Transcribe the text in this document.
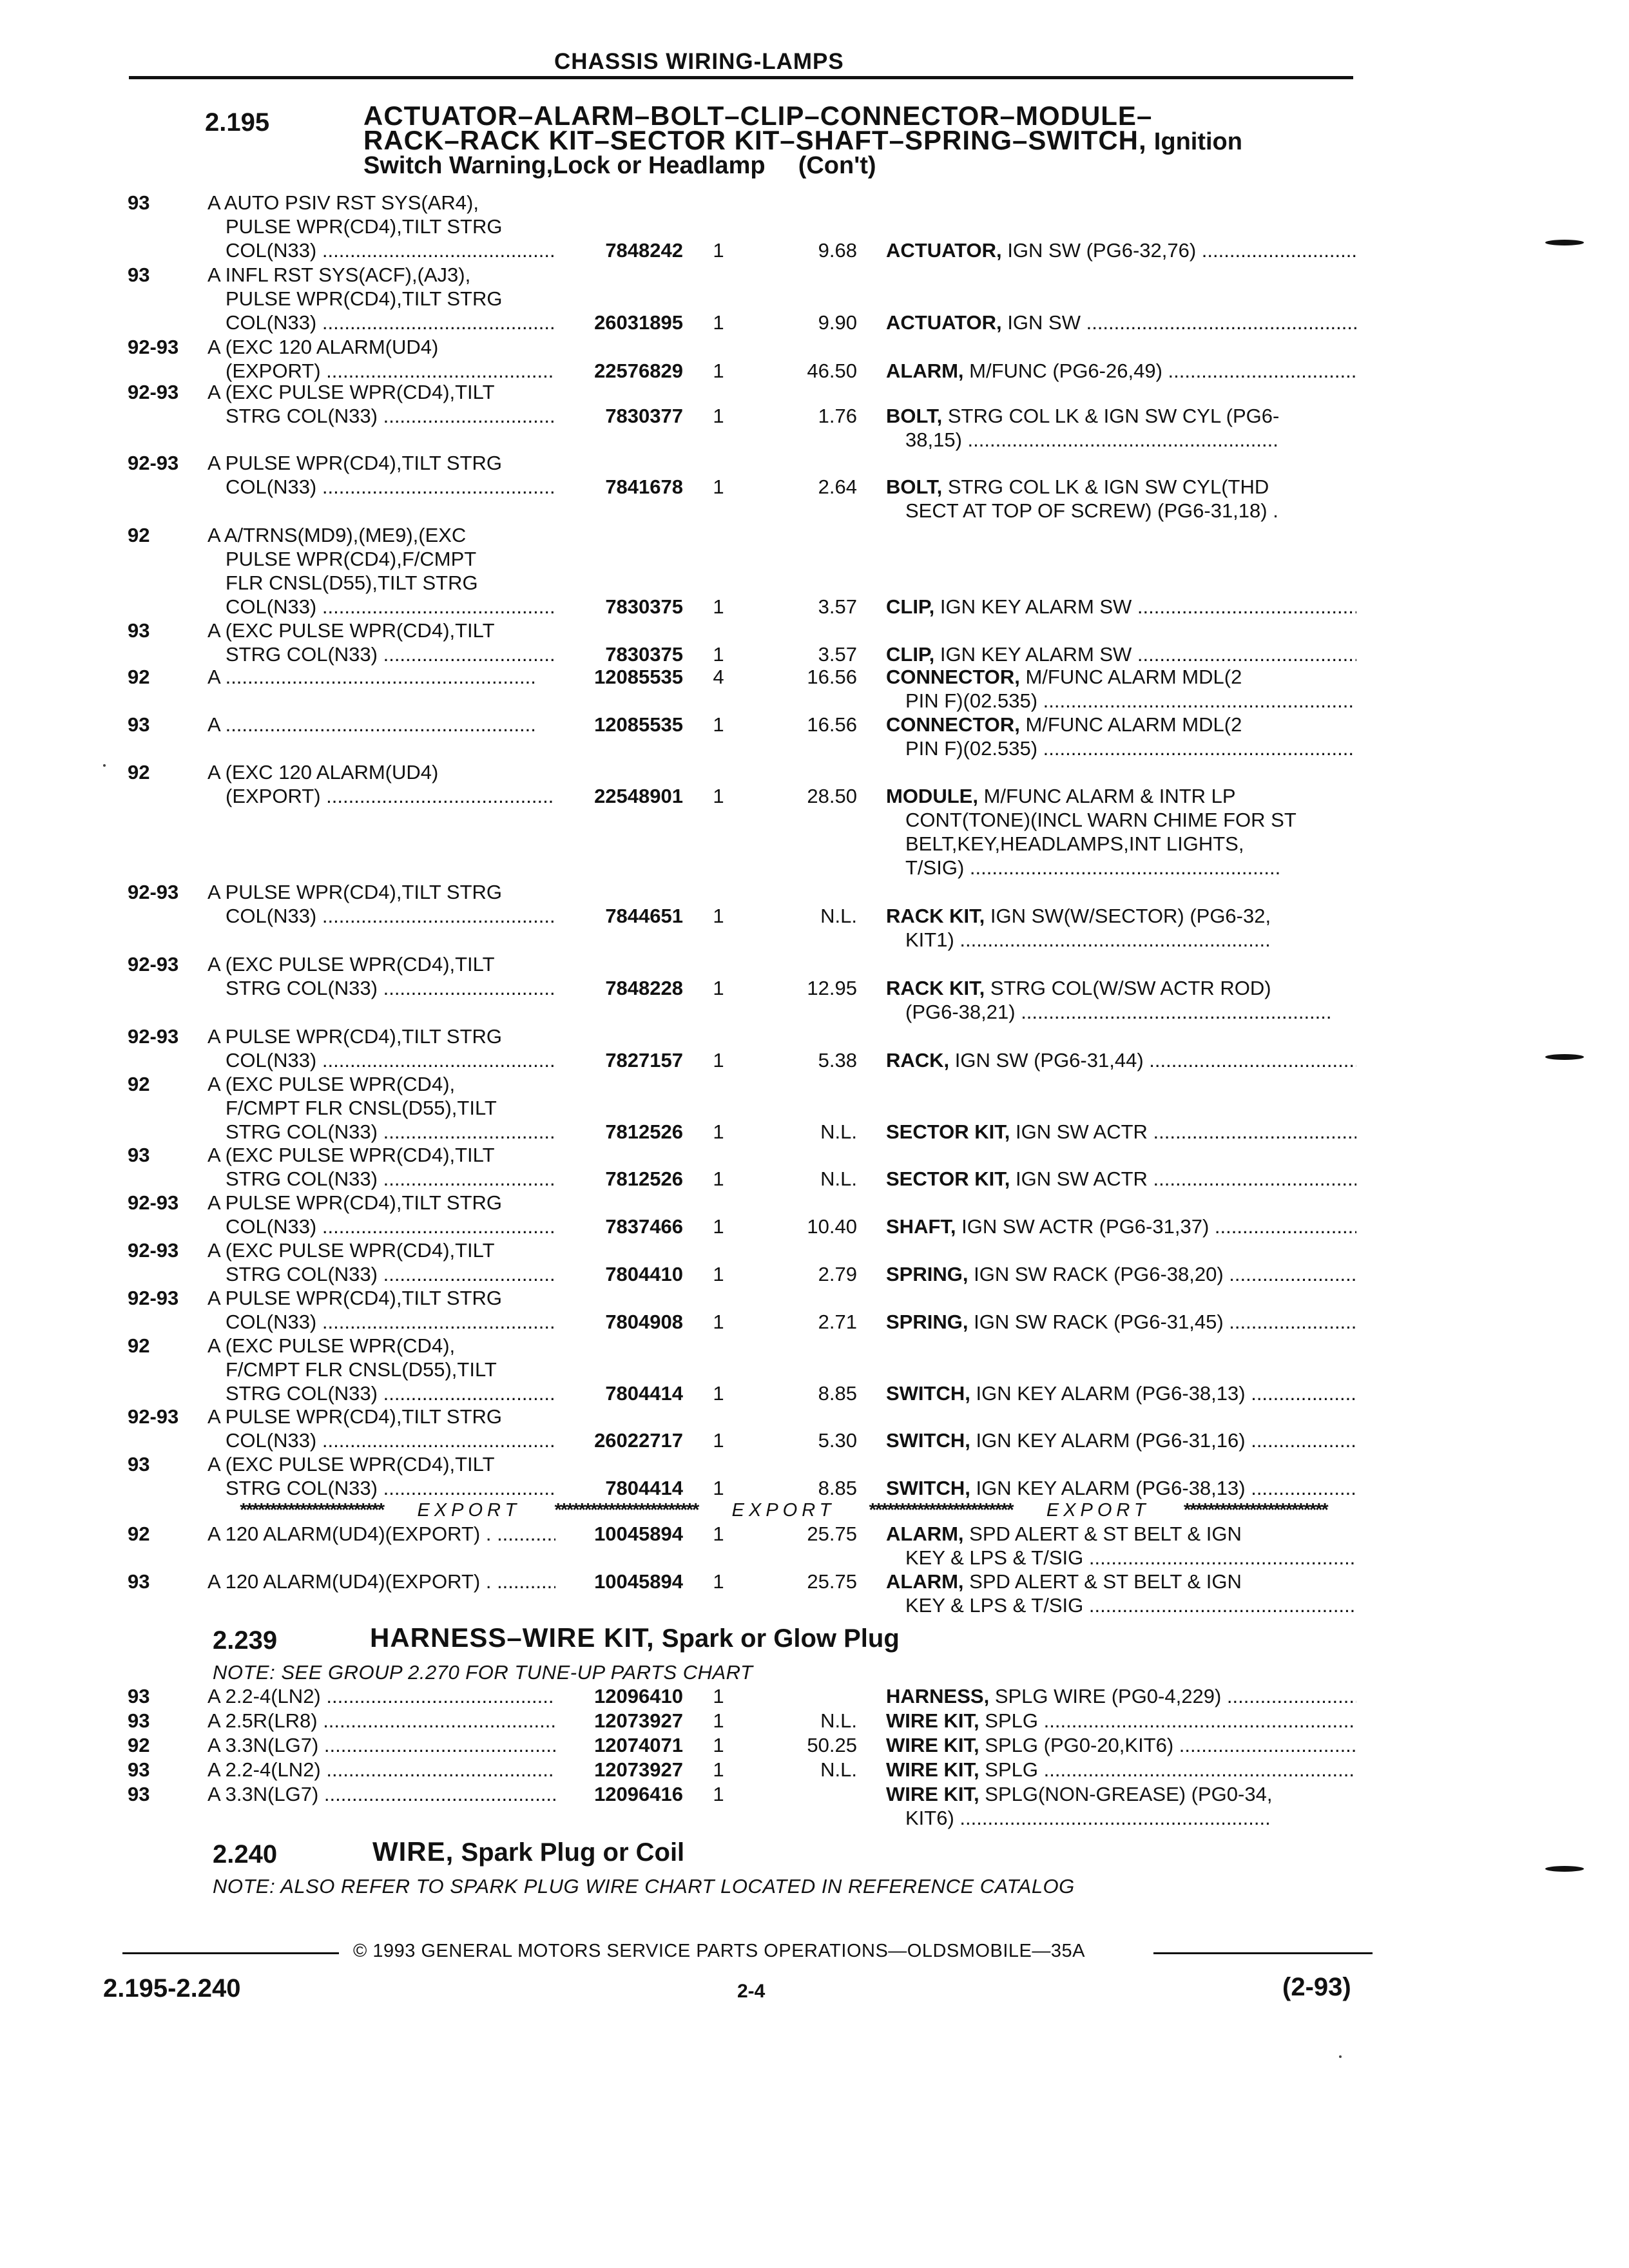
CHASSIS WIRING-LAMPS
2.195	ACTUATOR–ALARM–BOLT–CLIP–CONNECTOR–MODULE–
RACK–RACK KIT–SECTOR KIT–SHAFT–SPRING–SWITCH, Ignition
Switch Warning,Lock or Headlamp (Con't)
93	A AUTO PSIV RST SYS(AR4),
PULSE WPR(CD4),TILT STRG
COL(N33) .....	7848242	1	9.68 ACTUATOR, IGN SW (PG6-32,76) .....
93	A INFL RST SYS(ACF),(AJ3),
PULSE WPR(CD4),TILT STRG
COL(N33) .....	26031895	1	9.90 ACTUATOR, IGN SW .....
92-93	A (EXC 120 ALARM(UD4)
(EXPORT) .....	22576829	1	46.50 ALARM, M/FUNC (PG6-26,49) .....
92-93	A (EXC PULSE WPR(CD4),TILT
STRG COL(N33) .....	7830377	1	1.76 BOLT, STRG COL LK & IGN SW CYL (PG6-
38,15) .....
92-93	A PULSE WPR(CD4),TILT STRG
COL(N33) .....	7841678	1	2.64 BOLT, STRG COL LK & IGN SW CYL(THD
SECT AT TOP OF SCREW) (PG6-31,18) .
92	A A/TRNS(MD9),(ME9),(EXC
PULSE WPR(CD4),F/CMPT
FLR CNSL(D55),TILT STRG
COL(N33) .....	7830375	1	3.57 CLIP, IGN KEY ALARM SW .....
93	A (EXC PULSE WPR(CD4),TILT
STRG COL(N33) .....	7830375	1	3.57 CLIP, IGN KEY ALARM SW .....
92	A .....	12085535	4	16.56 CONNECTOR, M/FUNC ALARM MDL(2
PIN F)(02.535) .....
93	A .....	12085535	1	16.56 CONNECTOR, M/FUNC ALARM MDL(2
PIN F)(02.535) .....
92	A (EXC 120 ALARM(UD4)
(EXPORT) .....	22548901	1	28.50 MODULE, M/FUNC ALARM & INTR LP
CONT(TONE)(INCL WARN CHIME FOR ST
BELT,KEY,HEADLAMPS,INT LIGHTS,
T/SIG) .....
92-93	A PULSE WPR(CD4),TILT STRG
COL(N33) .....	7844651	1	N.L. RACK KIT, IGN SW(W/SECTOR) (PG6-32,
KIT1) .....
92-93	A (EXC PULSE WPR(CD4),TILT
STRG COL(N33) .....	7848228	1	12.95 RACK KIT, STRG COL(W/SW ACTR ROD)
(PG6-38,21) .....
92-93	A PULSE WPR(CD4),TILT STRG
COL(N33) .....	7827157	1	5.38 RACK, IGN SW (PG6-31,44) .....
92	A (EXC PULSE WPR(CD4),
F/CMPT FLR CNSL(D55),TILT
STRG COL(N33) .....	7812526	1	N.L. SECTOR KIT, IGN SW ACTR .....
93	A (EXC PULSE WPR(CD4),TILT
STRG COL(N33) .....	7812526	1	N.L. SECTOR KIT, IGN SW ACTR .....
92-93	A PULSE WPR(CD4),TILT STRG
COL(N33) .....	7837466	1	10.40 SHAFT, IGN SW ACTR (PG6-31,37) .....
92-93	A (EXC PULSE WPR(CD4),TILT
STRG COL(N33) .....	7804410	1	2.79 SPRING, IGN SW RACK (PG6-38,20) .....
92-93	A PULSE WPR(CD4),TILT STRG
COL(N33) .....	7804908	1	2.71 SPRING, IGN SW RACK (PG6-31,45) .....
92	A (EXC PULSE WPR(CD4),
F/CMPT FLR CNSL(D55),TILT
STRG COL(N33) .....	7804414	1	8.85 SWITCH, IGN KEY ALARM (PG6-38,13) .....
92-93	A PULSE WPR(CD4),TILT STRG
COL(N33) .....	26022717	1	5.30 SWITCH, IGN KEY ALARM (PG6-31,16) .....
93	A (EXC PULSE WPR(CD4),TILT
STRG COL(N33) .....	7804414	1	8.85 SWITCH, IGN KEY ALARM (PG6-38,13) .....
************************	EXPORT	************************	EXPORT	************************	EXPORT	************************
92	A 120 ALARM(UD4)(EXPORT) . .....	10045894	1	25.75 ALARM, SPD ALERT & ST BELT & IGN
KEY & LPS & T/SIG .....
93	A 120 ALARM(UD4)(EXPORT) . .....	10045894	1	25.75 ALARM, SPD ALERT & ST BELT & IGN
KEY & LPS & T/SIG .....
2.239	HARNESS–WIRE KIT, Spark or Glow Plug
NOTE: SEE GROUP 2.270 FOR TUNE-UP PARTS CHART
93	A 2.2-4(LN2) .....	12096410	1	HARNESS, SPLG WIRE (PG0-4,229) .....
93	A 2.5R(LR8) .....	12073927	1	N.L. WIRE KIT, SPLG .....
92	A 3.3N(LG7) .....	12074071	1	50.25 WIRE KIT, SPLG (PG0-20,KIT6) .....
93	A 2.2-4(LN2) .....	12073927	1	N.L. WIRE KIT, SPLG .....
93	A 3.3N(LG7) .....	12096416	1	WIRE KIT, SPLG(NON-GREASE) (PG0-34,
KIT6) .....
2.240	WIRE, Spark Plug or Coil
NOTE: ALSO REFER TO SPARK PLUG WIRE CHART LOCATED IN REFERENCE CATALOG
© 1993 GENERAL MOTORS SERVICE PARTS OPERATIONS—OLDSMOBILE—35A
2.195-2.240	2-4	(2-93)
